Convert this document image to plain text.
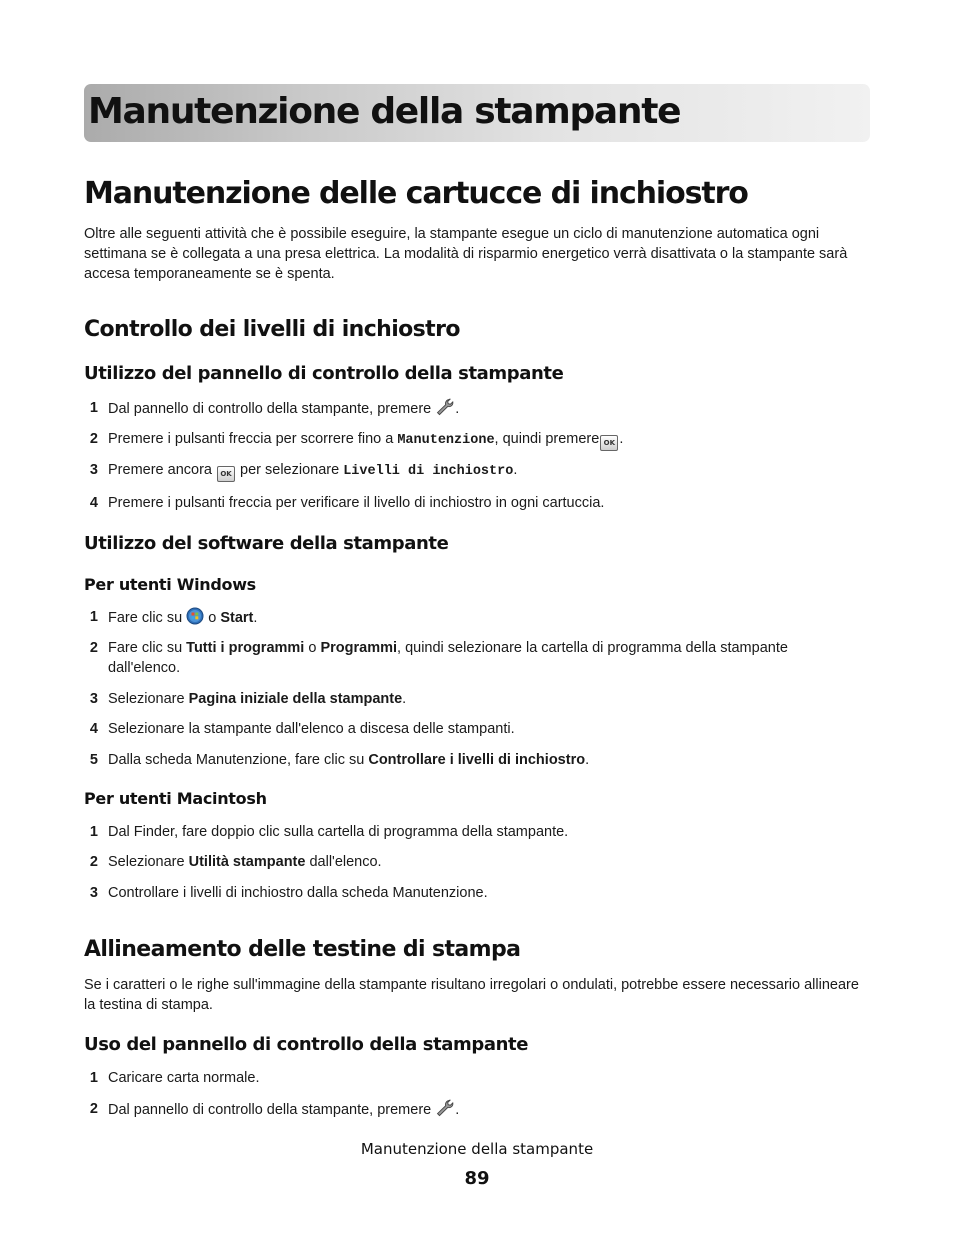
Manutenzione della stampante
Manutenzione delle cartucce di inchiostro

Oltre alle seguenti attività che è possibile eseguire, la stampante esegue un ciclo di manutenzione automatica ogni settimana se è collegata a una presa elettrica. La modalità di risparmio energetico verrà disattivata o la stampante sarà accesa temporaneamente se è spenta.

Controllo dei livelli di inchiostro
Utilizzo del pannello di controllo della stampante
1 Dal pannello di controllo della stampante, premere .
2 Premere i pulsanti freccia per scorrere fino a Manutenzione, quindi premere OK .
3 Premere ancora OK per selezionare Livelli di inchiostro.
4 Premere i pulsanti freccia per verificare il livello di inchiostro in ogni cartuccia.
Utilizzo del software della stampante
Per utenti Windows
1 Fare clic su o Start.
2 Fare clic su Tutti i programmi o Programmi, quindi selezionare la cartella di programma della stampante
dall'elenco.
3 Selezionare Pagina iniziale della stampante.
4 Selezionare la stampante dall'elenco a discesa delle stampanti.
5 Dalla scheda Manutenzione, fare clic su Controllare i livelli di inchiostro.
Per utenti Macintosh
1 Dal Finder, fare doppio clic sulla cartella di programma della stampante.
2 Selezionare Utilità stampante dall'elenco.
3 Controllare i livelli di inchiostro dalla scheda Manutenzione.
Allineamento delle testine di stampa

Se i caratteri o le righe sull'immagine della stampante risultano irregolari o ondulati, potrebbe essere necessario allineare la testina di stampa.

Uso del pannello di controllo della stampante
1 Caricare carta normale.
2 Dal pannello di controllo della stampante, premere .
Manutenzione della stampante
89
